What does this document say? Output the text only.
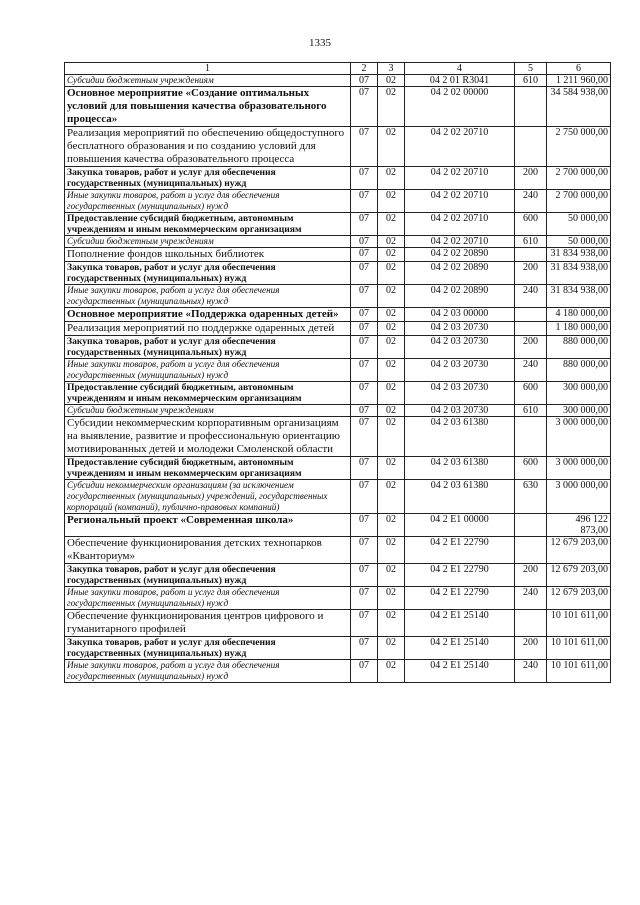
1335
1	2	3	4	5	6
Субсидии бюджетным учреждениям	07	02	04 2 01 R3041	610	1 211 960,00
Основное мероприятие «Создание оптимальных условий для повышения качества образовательного процесса»	07	02	04 2 02 00000		34 584 938,00
Реализация мероприятий по обеспечению общедоступного бесплатного образования и по созданию условий для повышения качества образовательного процесса	07	02	04 2 02 20710		2 750 000,00
Закупка товаров, работ и услуг для обеспечения государственных (муниципальных) нужд	07	02	04 2 02 20710	200	2 700 000,00
Иные закупки товаров, работ и услуг для обеспечения государственных (муниципальных) нужд	07	02	04 2 02 20710	240	2 700 000,00
Предоставление субсидий бюджетным, автономным учреждениям и иным некоммерческим организациям	07	02	04 2 02 20710	600	50 000,00
Субсидии бюджетным учреждениям	07	02	04 2 02 20710	610	50 000,00
Пополнение фондов школьных библиотек	07	02	04 2 02 20890		31 834 938,00
Закупка товаров, работ и услуг для обеспечения государственных (муниципальных) нужд	07	02	04 2 02 20890	200	31 834 938,00
Иные закупки товаров, работ и услуг для обеспечения государственных (муниципальных) нужд	07	02	04 2 02 20890	240	31 834 938,00
Основное мероприятие «Поддержка одаренных детей»	07	02	04 2 03 00000		4 180 000,00
Реализация мероприятий по поддержке одаренных детей	07	02	04 2 03 20730		1 180 000,00
Закупка товаров, работ и услуг для обеспечения государственных (муниципальных) нужд	07	02	04 2 03 20730	200	880 000,00
Иные закупки товаров, работ и услуг для обеспечения государственных (муниципальных) нужд	07	02	04 2 03 20730	240	880 000,00
Предоставление субсидий бюджетным, автономным учреждениям и иным некоммерческим организациям	07	02	04 2 03 20730	600	300 000,00
Субсидии бюджетным учреждениям	07	02	04 2 03 20730	610	300 000,00
Субсидии некоммерческим корпоративным организациям на выявление, развитие и профессиональную ориентацию мотивированных детей и молодежи Смоленской области	07	02	04 2 03 61380		3 000 000,00
Предоставление субсидий бюджетным, автономным учреждениям и иным некоммерческим организациям	07	02	04 2 03 61380	600	3 000 000,00
Субсидии некоммерческим организациям (за исключением государственных (муниципальных) учреждений, государственных корпораций (компаний), публично-правовых компаний)	07	02	04 2 03 61380	630	3 000 000,00
Региональный проект «Современная школа»	07	02	04 2 E1 00000		496 122 873,00
Обеспечение функционирования детских технопарков «Кванториум»	07	02	04 2 E1 22790		12 679 203,00
Закупка товаров, работ и услуг для обеспечения государственных (муниципальных) нужд	07	02	04 2 E1 22790	200	12 679 203,00
Иные закупки товаров, работ и услуг для обеспечения государственных (муниципальных) нужд	07	02	04 2 E1 22790	240	12 679 203,00
Обеспечение функционирования центров цифрового и гуманитарного профилей	07	02	04 2 E1 25140		10 101 611,00
Закупка товаров, работ и услуг для обеспечения государственных (муниципальных) нужд	07	02	04 2 E1 25140	200	10 101 611,00
Иные закупки товаров, работ и услуг для обеспечения государственных (муниципальных) нужд	07	02	04 2 E1 25140	240	10 101 611,00
